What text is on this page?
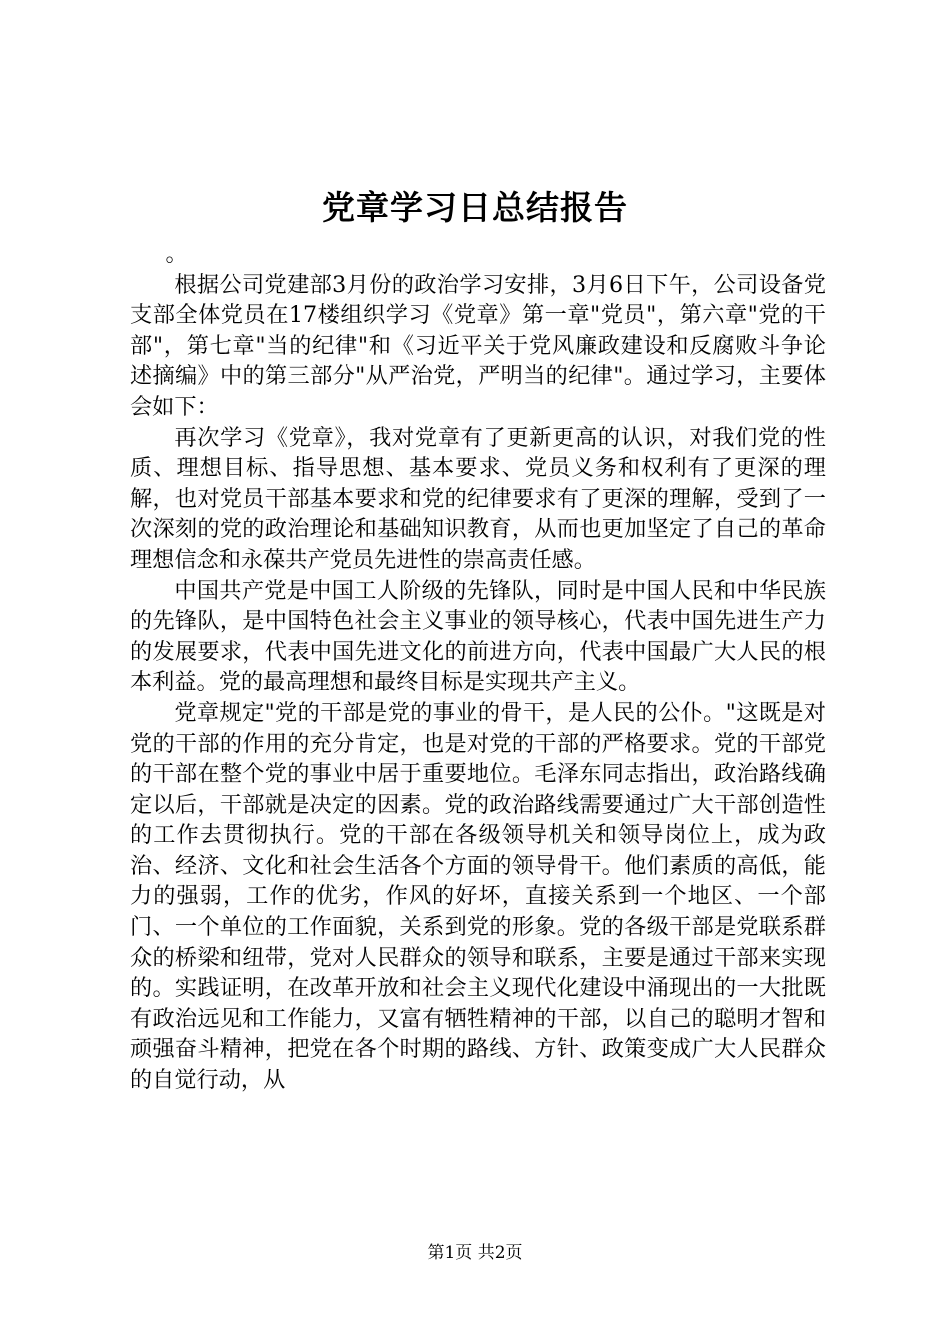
党章学习日总结报告

。

根据公司党建部3月份的政治学习安排，3月6日下午，公司设备党支部全体党员在17楼组织学习《党章》第一章"党员"，第六章"党的干部"，第七章"当的纪律"和《习近平关于党风廉政建设和反腐败斗争论述摘编》中的第三部分"从严治党，严明当的纪律"。通过学习，主要体会如下：

再次学习《党章》，我对党章有了更新更高的认识，对我们党的性质、理想目标、指导思想、基本要求、党员义务和权利有了更深的理解，也对党员干部基本要求和党的纪律要求有了更深的理解，受到了一次深刻的党的政治理论和基础知识教育，从而也更加坚定了自己的革命理想信念和永葆共产党员先进性的崇高责任感。

中国共产党是中国工人阶级的先锋队，同时是中国人民和中华民族的先锋队，是中国特色社会主义事业的领导核心，代表中国先进生产力的发展要求，代表中国先进文化的前进方向，代表中国最广大人民的根本利益。党的最高理想和最终目标是实现共产主义。

党章规定"党的干部是党的事业的骨干，是人民的公仆。"这既是对党的干部的作用的充分肯定，也是对党的干部的严格要求。党的干部党的干部在整个党的事业中居于重要地位。毛泽东同志指出，政治路线确定以后，干部就是决定的因素。党的政治路线需要通过广大干部创造性的工作去贯彻执行。党的干部在各级领导机关和领导岗位上，成为政治、经济、文化和社会生活各个方面的领导骨干。他们素质的高低，能力的强弱，工作的优劣，作风的好坏，直接关系到一个地区、一个部门、一个单位的工作面貌，关系到党的形象。党的各级干部是党联系群众的桥梁和纽带，党对人民群众的领导和联系，主要是通过干部来实现的。实践证明，在改革开放和社会主义现代化建设中涌现出的一大批既有政治远见和工作能力，又富有牺牲精神的干部，以自己的聪明才智和顽强奋斗精神，把党在各个时期的路线、方针、政策变成广大人民群众的自觉行动，从

第1页 共2页
